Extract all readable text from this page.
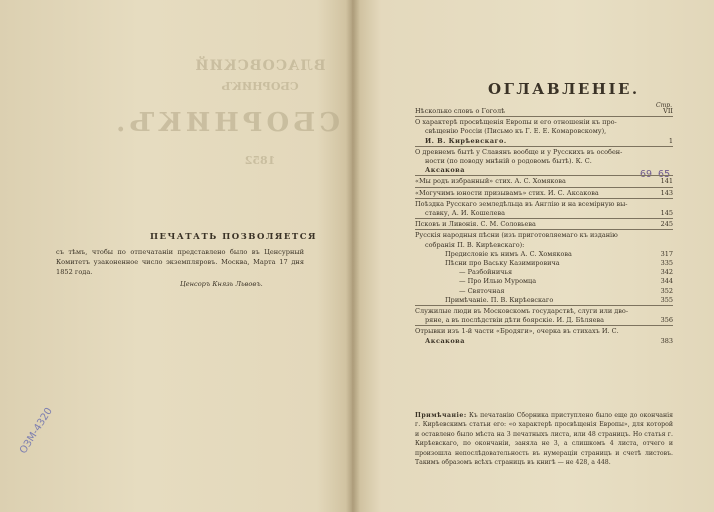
ВЛАСОВСКИЙ
СБОРНИКЪ
СБОРНИКЪ.
1852
ПЕЧАТАТЬ ПОЗВОЛЯЕТСЯ
съ тѣмъ, чтобы по отпечатаніи представлено было въ Ценсурный Комитетъ узаконенное число экземпляровъ. Москва, Марта 17 дня 1852 года.
Ценсоръ Князь Львовъ.
ОЗМ-4320
ОГЛАВЛЕНІЕ.
Стр.
69 65
Нѣсколько словъ о Гоголѣ	VII
О характерѣ просвѣщенія Европы и его отношеніи къ про-
свѣщенію Россіи (Письмо къ Г. Е. Е. Комаровскому),
И. В. Кирѣевскаго.	1
О древнемъ бытѣ у Славянъ вообще и у Русскихъ въ особен-
ности (по поводу мнѣній о родовомъ бытѣ). К. С.
Аксакова
«Мы родъ избранный» стих. А. С. Хомякова	141
«Могучимъ юности призывамъ» стих. И. С. Аксакова	143
Поѣздка Русскаго земледѣльца въ Англію и на всемірную вы-
ставку, А. И. Кошелева	145
Псковъ и Ливонія. С. М. Соловьева	245
Русскія народныя пѣсни (изъ приготовляемаго къ изданію
собранія П. В. Кирѣевскаго):
Предисловіе къ нимъ А. С. Хомякова	317
Пѣсни про Ваську Казимировича	335
— Разбойничья	342
— Про Илью Муромца	344
— Святочная	352
Примѣчаніе. П. В. Кирѣевскаго	355
Служилые люди въ Московскомъ государствѣ, слуги или дво-
ряне, а въ послѣдствіи дѣти боярскіе. И. Д. Бѣляева	356
Отрывки изъ 1-й части «Бродяги», очерка въ стихахъ И. С.
Аксакова	383
Примѣчаніе: Къ печатанію Сборника приступлено было еще до окончанія г. Кирѣевскимъ статьи его: «о характерѣ просвѣщенія Европы», для которой и оставлено было мѣста на 3 печатныхъ листа, или 48 страницъ. Но статья г. Кирѣевскаго, по окончаніи, заняла не 3, а слишкомъ 4 листа, отчего и произошла непослѣдовательность въ нумераціи страницъ и счетѣ листовъ. Такимъ образомъ всѣхъ страницъ въ книгѣ — не 428, а 448.
